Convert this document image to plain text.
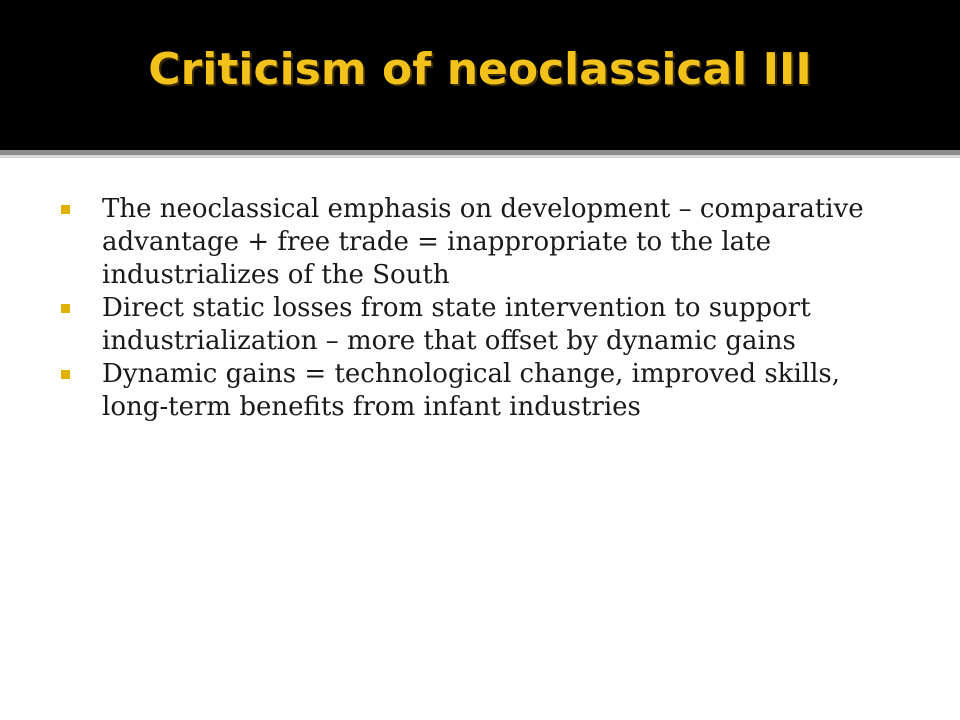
Criticism of neoclassical III
The neoclassical emphasis on development – comparative advantage + free trade = inappropriate to the late industrializes of the South
Direct static losses from state intervention to support industrialization – more that offset by dynamic gains
Dynamic gains = technological change, improved skills, long-term benefits from infant industries
